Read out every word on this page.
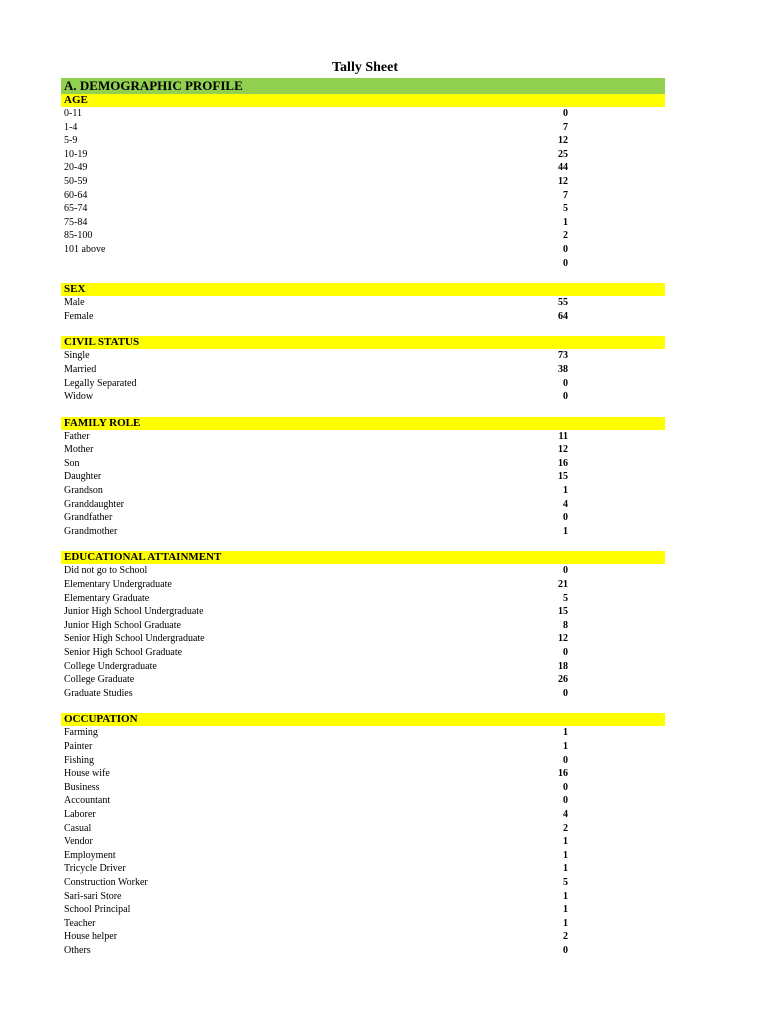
Tally Sheet
A. DEMOGRAPHIC PROFILE
AGE
0-11	0
1-4	7
5-9	12
10-19	25
20-49	44
50-59	12
60-64	7
65-74	5
75-84	1
85-100	2
101 above	0
0
SEX
Male	55
Female	64
CIVIL STATUS
Single	73
Married	38
Legally Separated	0
Widow	0
FAMILY ROLE
Father	11
Mother	12
Son	16
Daughter	15
Grandson	1
Granddaughter	4
Grandfather	0
Grandmother	1
EDUCATIONAL ATTAINMENT
Did not go to School	0
Elementary Undergraduate	21
Elementary Graduate	5
Junior High School Undergraduate	15
Junior High School Graduate	8
Senior High School Undergraduate	12
Senior High School Graduate	0
College Undergraduate	18
College Graduate	26
Graduate Studies	0
OCCUPATION
Farming	1
Painter	1
Fishing	0
House wife	16
Business	0
Accountant	0
Laborer	4
Casual	2
Vendor	1
Employment	1
Tricycle Driver	1
Construction Worker	5
Sari-sari Store	1
School Principal	1
Teacher	1
House helper	2
Others	0
